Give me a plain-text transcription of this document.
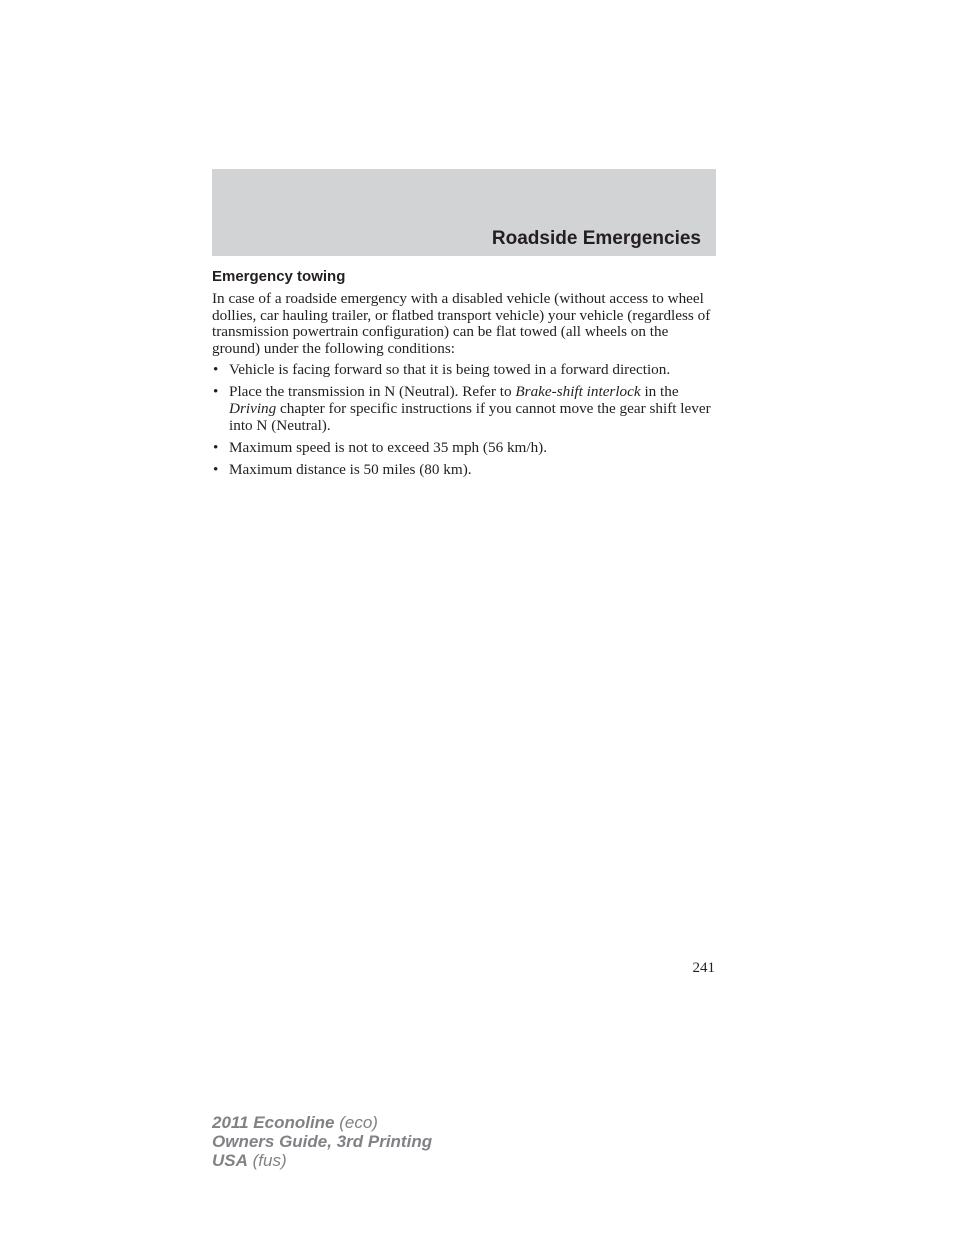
Roadside Emergencies
Emergency towing

In case of a roadside emergency with a disabled vehicle (without access to wheel dollies, car hauling trailer, or flatbed transport vehicle) your vehicle (regardless of transmission powertrain configuration) can be flat towed (all wheels on the ground) under the following conditions:

• Vehicle is facing forward so that it is being towed in a forward direction.
• Place the transmission in N (Neutral). Refer to Brake-shift interlock in the Driving chapter for specific instructions if you cannot move the gear shift lever into N (Neutral).
• Maximum speed is not to exceed 35 mph (56 km/h).
• Maximum distance is 50 miles (80 km).
241
2011 Econoline (eco)
Owners Guide, 3rd Printing
USA (fus)
